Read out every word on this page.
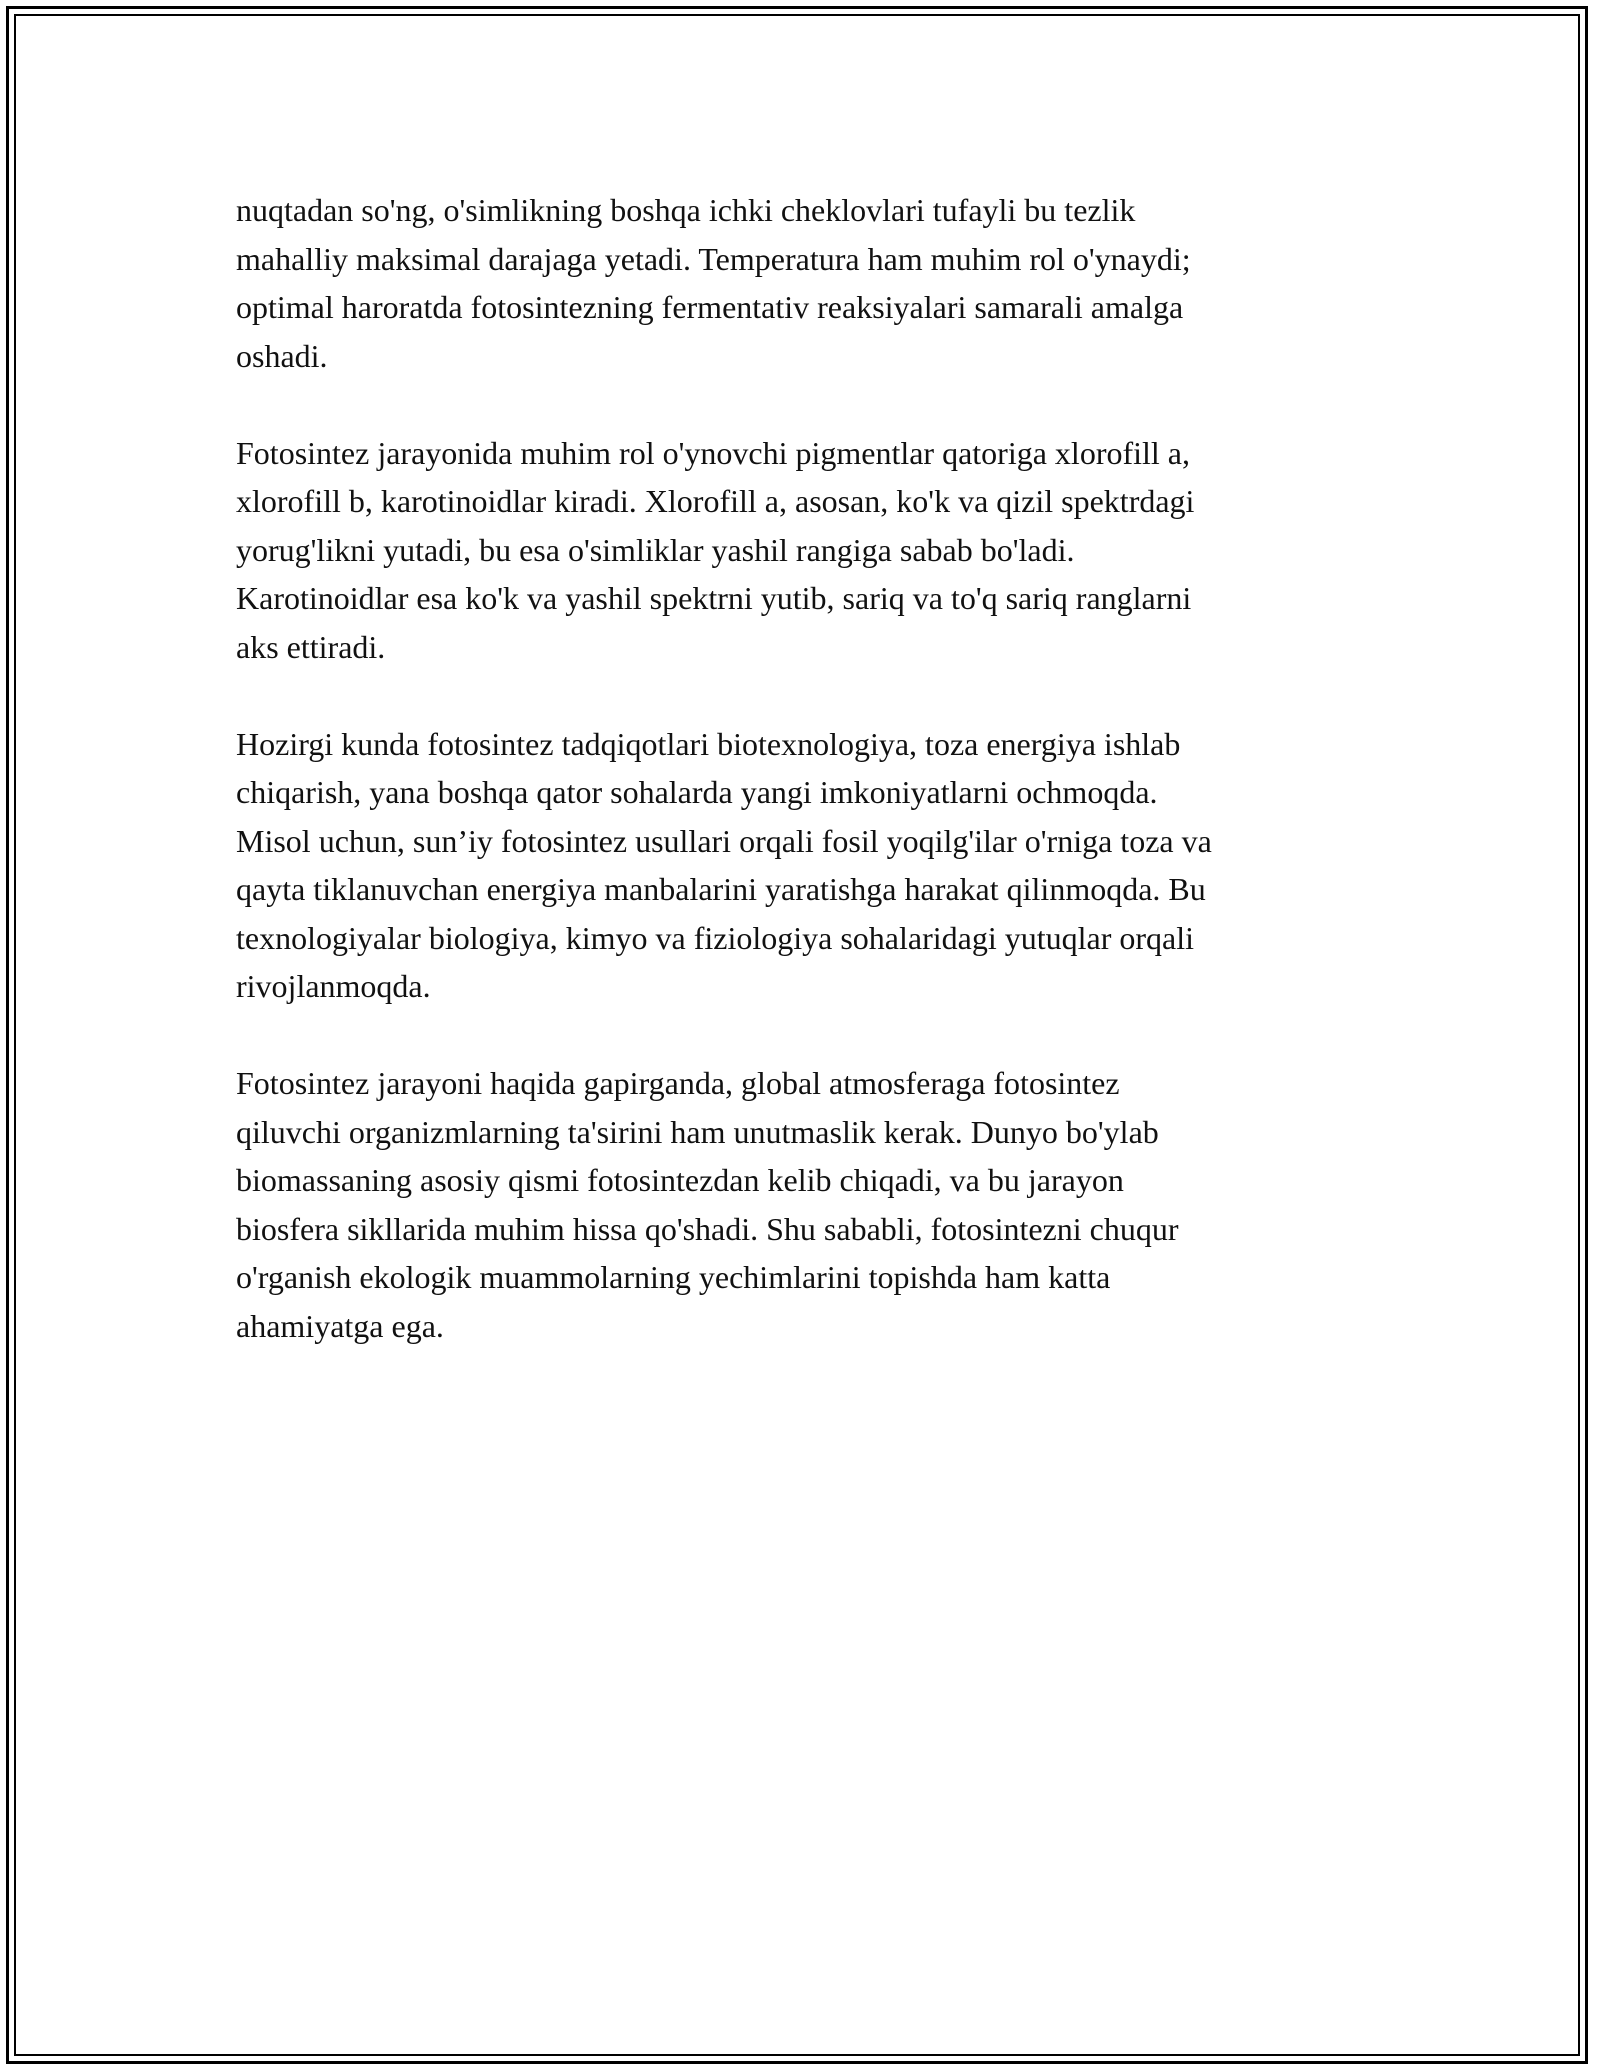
nuqtadan so'ng, o'simlikning boshqa ichki cheklovlari tufayli bu tezlik
mahalliy maksimal darajaga yetadi. Temperatura ham muhim rol o'ynaydi;
optimal haroratda fotosintezning fermentativ reaksiyalari samarali amalga
oshadi.

Fotosintez jarayonida muhim rol o'ynovchi pigmentlar qatoriga xlorofill a,
xlorofill b, karotinoidlar kiradi. Xlorofill a, asosan, ko'k va qizil spektrdagi
yorug'likni yutadi, bu esa o'simliklar yashil rangiga sabab bo'ladi.
Karotinoidlar esa ko'k va yashil spektrni yutib, sariq va to'q sariq ranglarni
aks ettiradi.

Hozirgi kunda fotosintez tadqiqotlari biotexnologiya, toza energiya ishlab
chiqarish, yana boshqa qator sohalarda yangi imkoniyatlarni ochmoqda.
Misol uchun, sun’iy fotosintez usullari orqali fosil yoqilg'ilar o'rniga toza va
qayta tiklanuvchan energiya manbalarini yaratishga harakat qilinmoqda. Bu
texnologiyalar biologiya, kimyo va fiziologiya sohalaridagi yutuqlar orqali
rivojlanmoqda.

Fotosintez jarayoni haqida gapirganda, global atmosferaga fotosintez
qiluvchi organizmlarning ta'sirini ham unutmaslik kerak. Dunyo bo'ylab
biomassaning asosiy qismi fotosintezdan kelib chiqadi, va bu jarayon
biosfera sikllarida muhim hissa qo'shadi. Shu sababli, fotosintezni chuqur
o'rganish ekologik muammolarning yechimlarini topishda ham katta
ahamiyatga ega.
